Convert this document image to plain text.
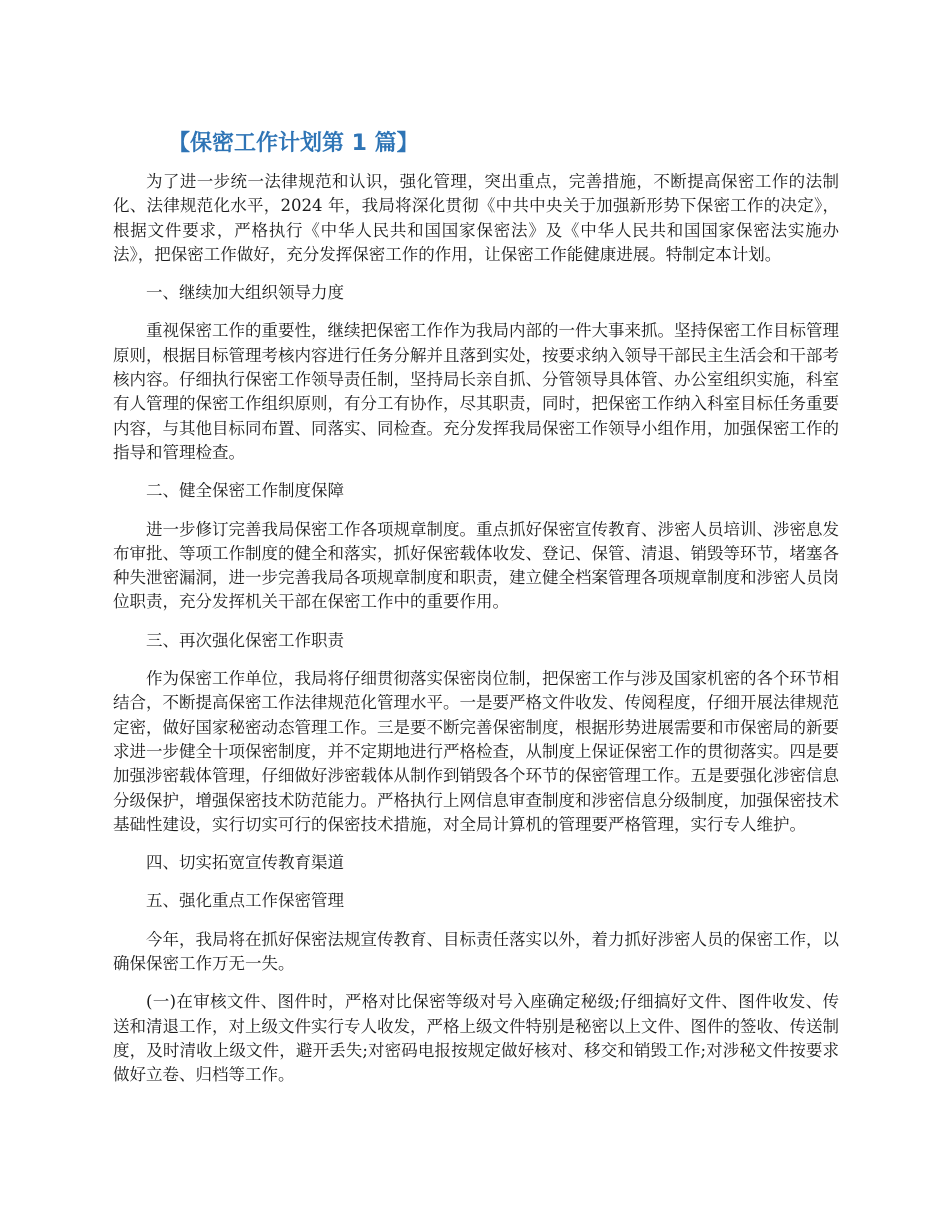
【保密工作计划第 1 篇】

为了进一步统一法律规范和认识，强化管理，突出重点，完善措施，不断提高保密工作的法制化、法律规范化水平，2024 年，我局将深化贯彻《中共中央关于加强新形势下保密工作的决定》，根据文件要求，严格执行《中华人民共和国国家保密法》及《中华人民共和国国家保密法实施办法》，把保密工作做好，充分发挥保密工作的作用，让保密工作能健康进展。特制定本计划。

一、继续加大组织领导力度

重视保密工作的重要性，继续把保密工作作为我局内部的一件大事来抓。坚持保密工作目标管理原则，根据目标管理考核内容进行任务分解并且落到实处，按要求纳入领导干部民主生活会和干部考核内容。仔细执行保密工作领导责任制，坚持局长亲自抓、分管领导具体管、办公室组织实施，科室有人管理的保密工作组织原则，有分工有协作，尽其职责，同时，把保密工作纳入科室目标任务重要内容，与其他目标同布置、同落实、同检查。充分发挥我局保密工作领导小组作用，加强保密工作的指导和管理检查。

二、健全保密工作制度保障

进一步修订完善我局保密工作各项规章制度。重点抓好保密宣传教育、涉密人员培训、涉密息发布审批、等项工作制度的健全和落实，抓好保密载体收发、登记、保管、清退、销毁等环节，堵塞各种失泄密漏洞，进一步完善我局各项规章制度和职责，建立健全档案管理各项规章制度和涉密人员岗位职责，充分发挥机关干部在保密工作中的重要作用。

三、再次强化保密工作职责

作为保密工作单位，我局将仔细贯彻落实保密岗位制，把保密工作与涉及国家机密的各个环节相结合，不断提高保密工作法律规范化管理水平。一是要严格文件收发、传阅程度，仔细开展法律规范定密，做好国家秘密动态管理工作。三是要不断完善保密制度，根据形势进展需要和市保密局的新要求进一步健全十项保密制度，并不定期地进行严格检查，从制度上保证保密工作的贯彻落实。四是要加强涉密载体管理，仔细做好涉密载体从制作到销毁各个环节的保密管理工作。五是要强化涉密信息分级保护，增强保密技术防范能力。严格执行上网信息审查制度和涉密信息分级制度，加强保密技术基础性建设，实行切实可行的保密技术措施，对全局计算机的管理要严格管理，实行专人维护。

四、切实拓宽宣传教育渠道

五、强化重点工作保密管理

今年，我局将在抓好保密法规宣传教育、目标责任落实以外，着力抓好涉密人员的保密工作，以确保保密工作万无一失。

(一)在审核文件、图件时，严格对比保密等级对号入座确定秘级;仔细搞好文件、图件收发、传送和清退工作，对上级文件实行专人收发，严格上级文件特别是秘密以上文件、图件的签收、传送制度，及时清收上级文件，避开丢失;对密码电报按规定做好核对、移交和销毁工作;对涉秘文件按要求做好立卷、归档等工作。
